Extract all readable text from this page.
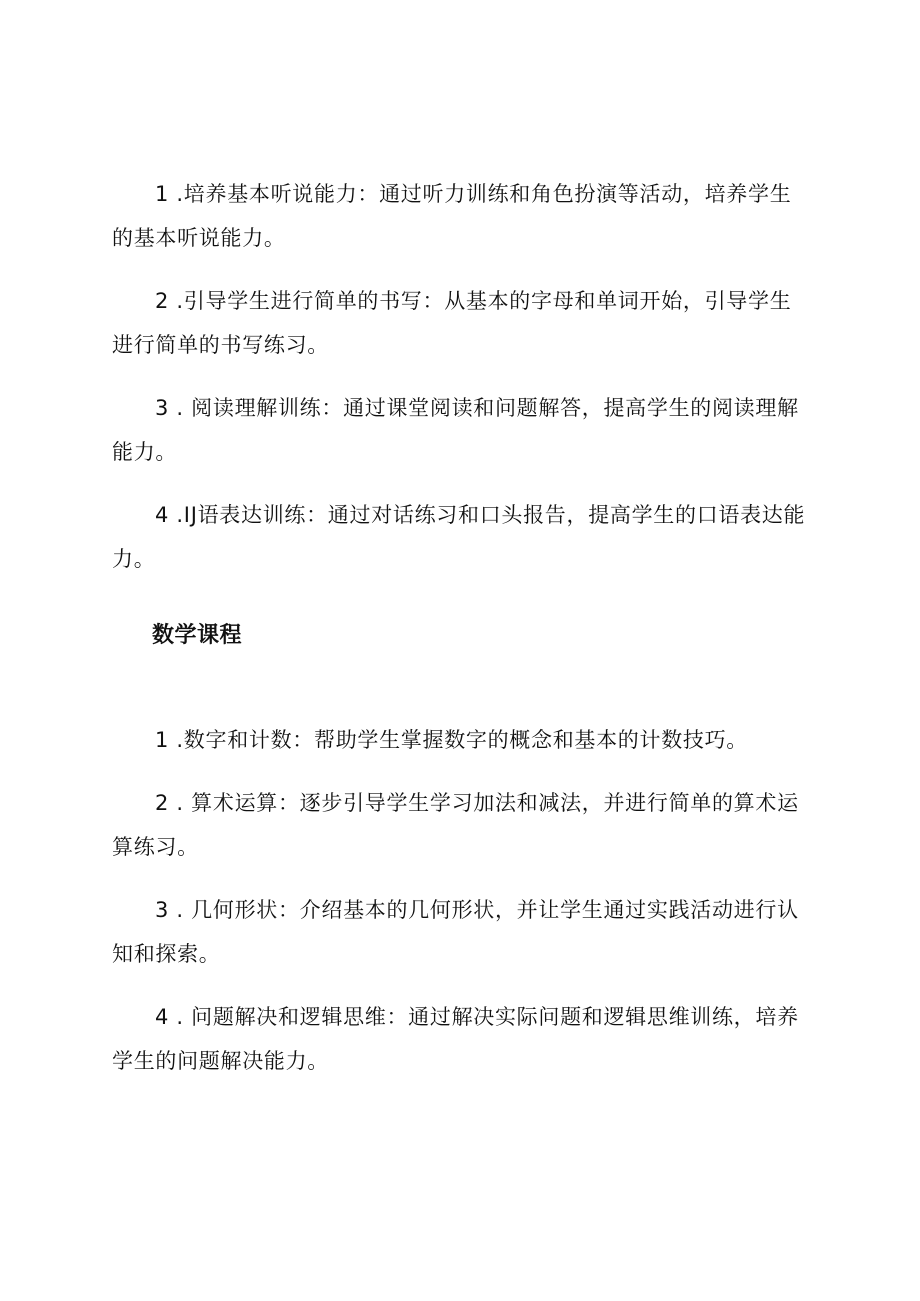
1 .培养基本听说能力：通过听力训练和角色扮演等活动，培养学生的基本听说能力。

2 .引导学生进行简单的书写：从基本的字母和单词开始，引导学生进行简单的书写练习。

3 . 阅读理解训练：通过课堂阅读和问题解答，提高学生的阅读理解能力。

4 .IJ语表达训练：通过对话练习和口头报告，提高学生的口语表达能力。

数学课程

1 .数字和计数：帮助学生掌握数字的概念和基本的计数技巧。

2 . 算术运算：逐步引导学生学习加法和减法，并进行简单的算术运算练习。

3 . 几何形状：介绍基本的几何形状，并让学生通过实践活动进行认知和探索。

4 . 问题解决和逻辑思维：通过解决实际问题和逻辑思维训练，培养学生的问题解决能力。
